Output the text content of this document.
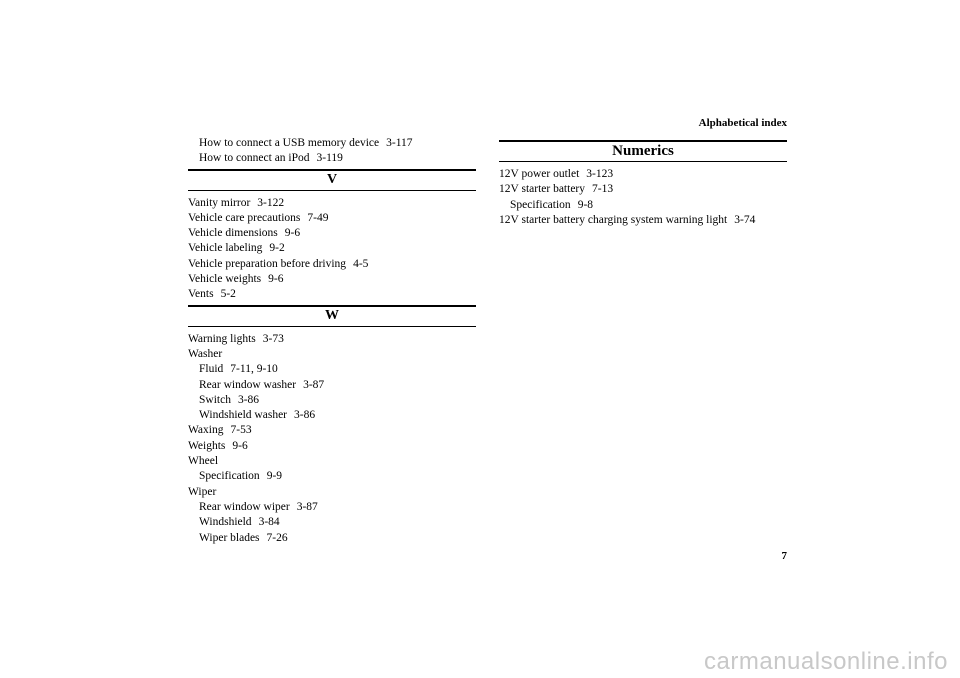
Alphabetical index
How to connect a USB memory device 3-117
How to connect an iPod 3-119
V
Vanity mirror 3-122
Vehicle care precautions 7-49
Vehicle dimensions 9-6
Vehicle labeling 9-2
Vehicle preparation before driving 4-5
Vehicle weights 9-6
Vents 5-2
W
Warning lights 3-73
Washer
Fluid 7-11, 9-10
Rear window washer 3-87
Switch 3-86
Windshield washer 3-86
Waxing 7-53
Weights 9-6
Wheel
Specification 9-9
Wiper
Rear window wiper 3-87
Windshield 3-84
Wiper blades 7-26
Numerics
12V power outlet 3-123
12V starter battery 7-13
Specification 9-8
12V starter battery charging system warning light 3-74
7
carmanualsonline.info
